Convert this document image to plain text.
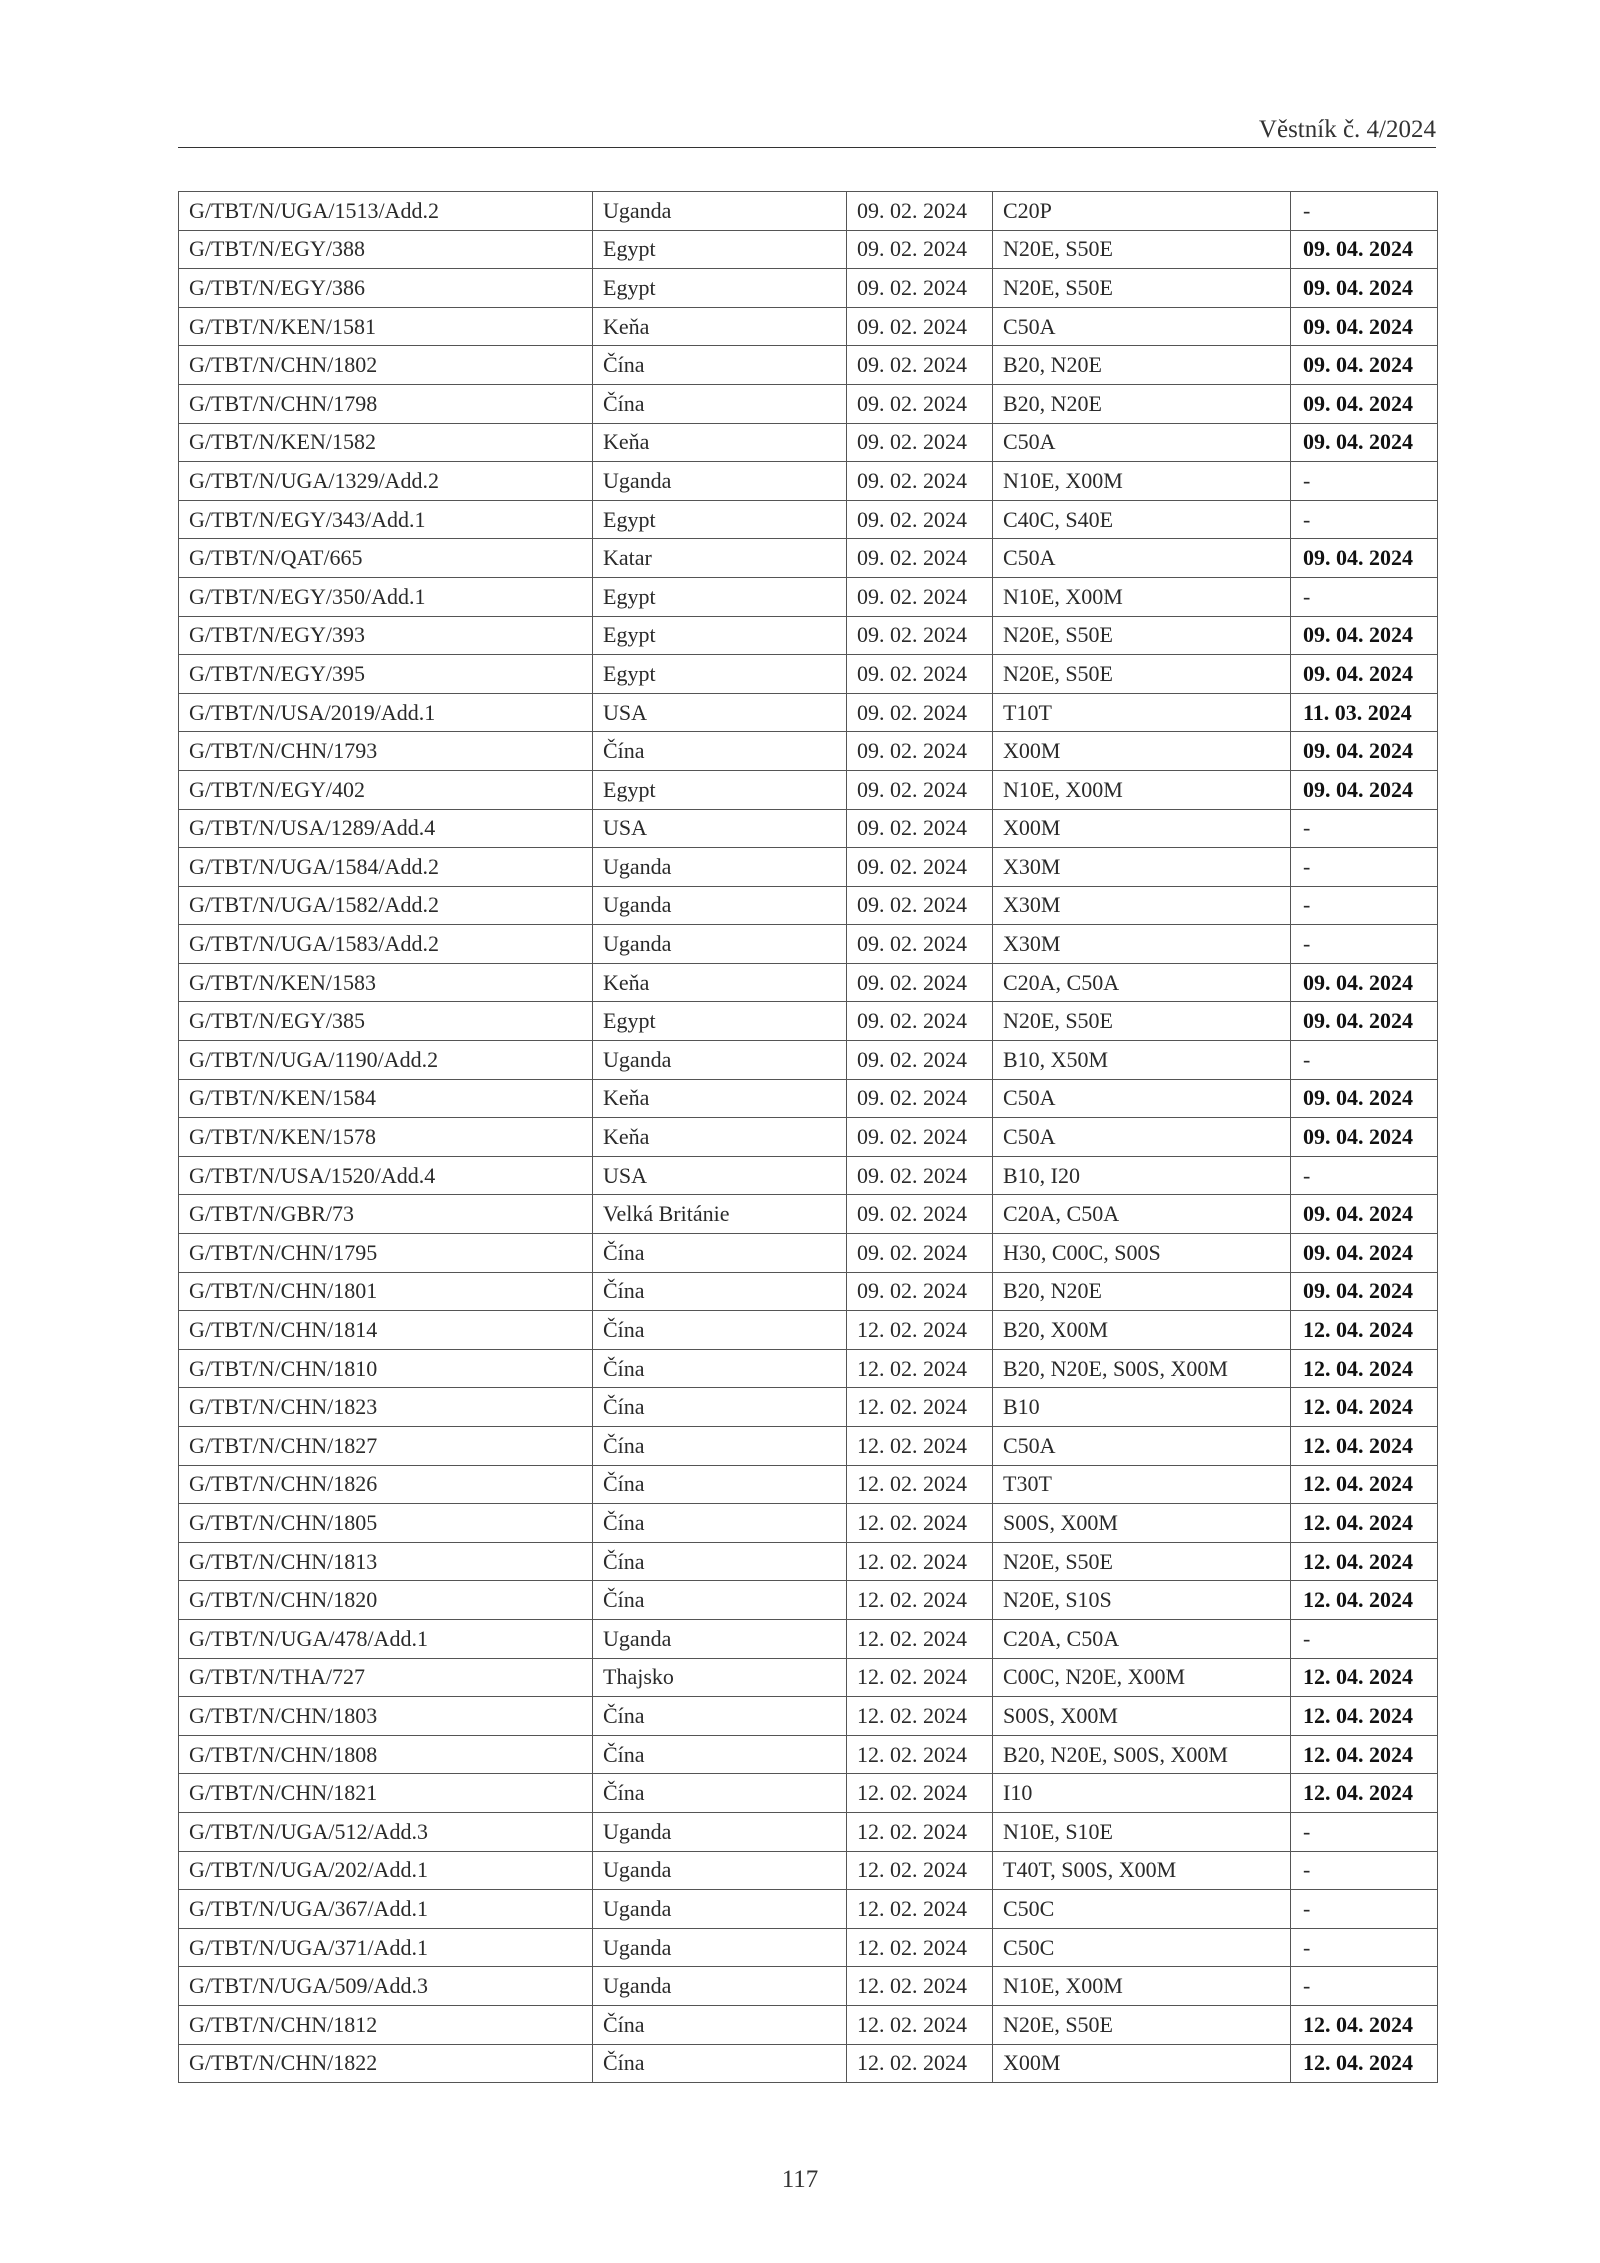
Věstník č. 4/2024
G/TBT/N/UGA/1513/Add.2	Uganda	09. 02. 2024	C20P	-
G/TBT/N/EGY/388	Egypt	09. 02. 2024	N20E, S50E	09. 04. 2024
G/TBT/N/EGY/386	Egypt	09. 02. 2024	N20E, S50E	09. 04. 2024
G/TBT/N/KEN/1581	Keňa	09. 02. 2024	C50A	09. 04. 2024
G/TBT/N/CHN/1802	Čína	09. 02. 2024	B20, N20E	09. 04. 2024
G/TBT/N/CHN/1798	Čína	09. 02. 2024	B20, N20E	09. 04. 2024
G/TBT/N/KEN/1582	Keňa	09. 02. 2024	C50A	09. 04. 2024
G/TBT/N/UGA/1329/Add.2	Uganda	09. 02. 2024	N10E, X00M	-
G/TBT/N/EGY/343/Add.1	Egypt	09. 02. 2024	C40C, S40E	-
G/TBT/N/QAT/665	Katar	09. 02. 2024	C50A	09. 04. 2024
G/TBT/N/EGY/350/Add.1	Egypt	09. 02. 2024	N10E, X00M	-
G/TBT/N/EGY/393	Egypt	09. 02. 2024	N20E, S50E	09. 04. 2024
G/TBT/N/EGY/395	Egypt	09. 02. 2024	N20E, S50E	09. 04. 2024
G/TBT/N/USA/2019/Add.1	USA	09. 02. 2024	T10T	11. 03. 2024
G/TBT/N/CHN/1793	Čína	09. 02. 2024	X00M	09. 04. 2024
G/TBT/N/EGY/402	Egypt	09. 02. 2024	N10E, X00M	09. 04. 2024
G/TBT/N/USA/1289/Add.4	USA	09. 02. 2024	X00M	-
G/TBT/N/UGA/1584/Add.2	Uganda	09. 02. 2024	X30M	-
G/TBT/N/UGA/1582/Add.2	Uganda	09. 02. 2024	X30M	-
G/TBT/N/UGA/1583/Add.2	Uganda	09. 02. 2024	X30M	-
G/TBT/N/KEN/1583	Keňa	09. 02. 2024	C20A, C50A	09. 04. 2024
G/TBT/N/EGY/385	Egypt	09. 02. 2024	N20E, S50E	09. 04. 2024
G/TBT/N/UGA/1190/Add.2	Uganda	09. 02. 2024	B10, X50M	-
G/TBT/N/KEN/1584	Keňa	09. 02. 2024	C50A	09. 04. 2024
G/TBT/N/KEN/1578	Keňa	09. 02. 2024	C50A	09. 04. 2024
G/TBT/N/USA/1520/Add.4	USA	09. 02. 2024	B10, I20	-
G/TBT/N/GBR/73	Velká Británie	09. 02. 2024	C20A, C50A	09. 04. 2024
G/TBT/N/CHN/1795	Čína	09. 02. 2024	H30, C00C, S00S	09. 04. 2024
G/TBT/N/CHN/1801	Čína	09. 02. 2024	B20, N20E	09. 04. 2024
G/TBT/N/CHN/1814	Čína	12. 02. 2024	B20, X00M	12. 04. 2024
G/TBT/N/CHN/1810	Čína	12. 02. 2024	B20, N20E, S00S, X00M	12. 04. 2024
G/TBT/N/CHN/1823	Čína	12. 02. 2024	B10	12. 04. 2024
G/TBT/N/CHN/1827	Čína	12. 02. 2024	C50A	12. 04. 2024
G/TBT/N/CHN/1826	Čína	12. 02. 2024	T30T	12. 04. 2024
G/TBT/N/CHN/1805	Čína	12. 02. 2024	S00S, X00M	12. 04. 2024
G/TBT/N/CHN/1813	Čína	12. 02. 2024	N20E, S50E	12. 04. 2024
G/TBT/N/CHN/1820	Čína	12. 02. 2024	N20E, S10S	12. 04. 2024
G/TBT/N/UGA/478/Add.1	Uganda	12. 02. 2024	C20A, C50A	-
G/TBT/N/THA/727	Thajsko	12. 02. 2024	C00C, N20E, X00M	12. 04. 2024
G/TBT/N/CHN/1803	Čína	12. 02. 2024	S00S, X00M	12. 04. 2024
G/TBT/N/CHN/1808	Čína	12. 02. 2024	B20, N20E, S00S, X00M	12. 04. 2024
G/TBT/N/CHN/1821	Čína	12. 02. 2024	I10	12. 04. 2024
G/TBT/N/UGA/512/Add.3	Uganda	12. 02. 2024	N10E, S10E	-
G/TBT/N/UGA/202/Add.1	Uganda	12. 02. 2024	T40T, S00S, X00M	-
G/TBT/N/UGA/367/Add.1	Uganda	12. 02. 2024	C50C	-
G/TBT/N/UGA/371/Add.1	Uganda	12. 02. 2024	C50C	-
G/TBT/N/UGA/509/Add.3	Uganda	12. 02. 2024	N10E, X00M	-
G/TBT/N/CHN/1812	Čína	12. 02. 2024	N20E, S50E	12. 04. 2024
G/TBT/N/CHN/1822	Čína	12. 02. 2024	X00M	12. 04. 2024
117
